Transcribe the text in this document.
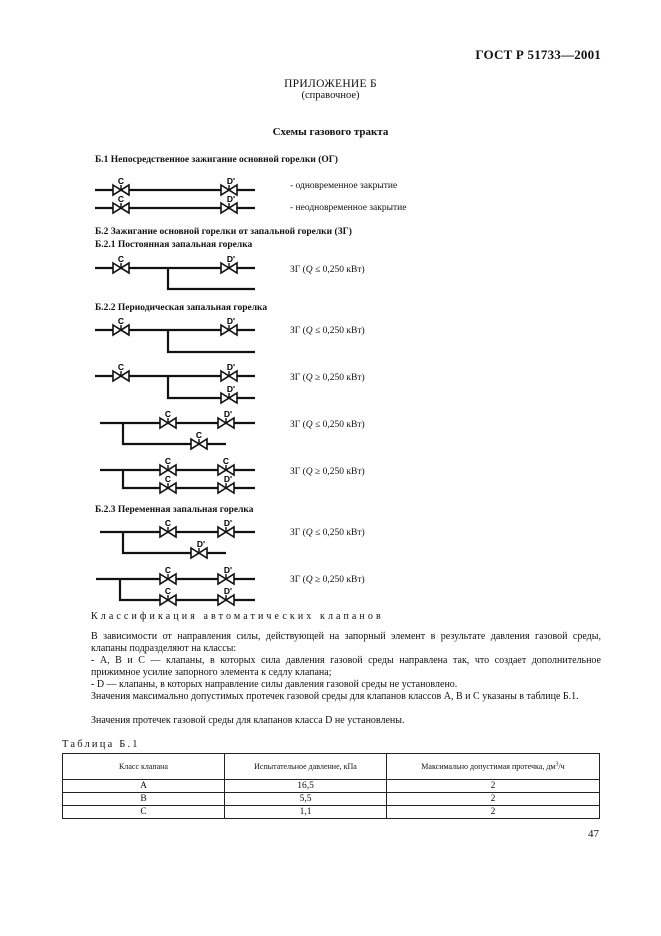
ГОСТ Р 51733—2001
ПРИЛОЖЕНИЕ Б
(справочное)
Схемы газового тракта
Б.1 Непосредственное зажигание основной горелки (ОГ)
- одновременное закрытие
- неодновременное закрытие
Б.2 Зажигание основной горелки от запальной горелки (ЗГ)
Б.2.1 Постоянная запальная горелка
Б.2.2 Периодическая запальная горелка
Б.2.3 Переменная запальная горелка
ЗГ (Q ≤ 0,250 кВт)
ЗГ (Q ≤ 0,250 кВт)
ЗГ (Q ≥ 0,250 кВт)
ЗГ (Q ≤ 0,250 кВт)
ЗГ (Q ≥ 0,250 кВт)
ЗГ (Q ≤ 0,250 кВт)
ЗГ (Q ≥ 0,250 кВт)
C	D'
C	D'
C	D'
C	D'
C	D'
D'
C	D'
C
C	C
C	D'
C	D'
D'
C	D'
C	D'
Классификация автоматических клапанов
В зависимости от направления силы, действующей на запорный элемент в результате давления газовой среды, клапаны подразделяют на классы:
- А, В и С — клапаны, в которых сила давления газовой среды направлена так, что создает дополнительное прижимное усилие запорного элемента к седлу клапана;
- D — клапаны, в которых направление силы давления газовой среды не установлено.
Значения максимально допустимых протечек газовой среды для клапанов классов А, В и С указаны в таблице Б.1.
Значения протечек газовой среды для клапанов класса D не установлены.
Таблица Б.1
Класс клапана	Испытательное давление, кПа	Максимально допустимая протечка, $дм^3/ч$
А	16,5	2
В	5,5	2
С	1,1	2
47
